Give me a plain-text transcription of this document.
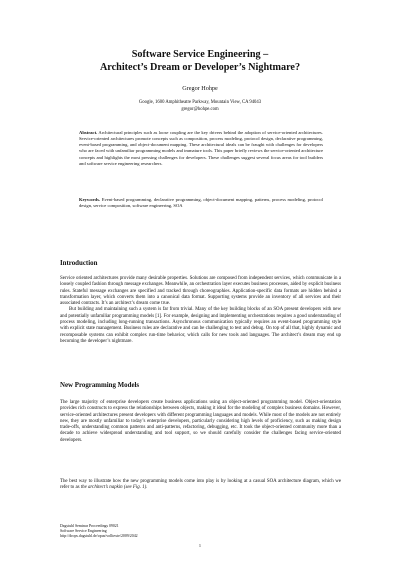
Software Service Engineering –
Architect’s Dream or Developer’s Nightmare?
Gregor Hohpe
Google, 1600 Amphitheatre Parkway, Mountain View, CA 94043
gregor@hohpe.com
Abstract. Architectural principles such as loose coupling are the key drivers behind the adoption of service-oriented architectures. Service-oriented architectures promote concepts such as composition, process modeling, protocol design, declarative programming, event-based programming, and object-document mapping. These architectural ideals can be fraught with challenges for developers who are faced with unfamiliar programming models and immature tools. This paper briefly reviews the service-oriented architecture concepts and highlights the most pressing challenges for developers. These challenges suggest several focus areas for tool builders and software service engineering researchers.
Keywords. Event-based programming, declarative programming, object-document mapping, patterns, process modeling, protocol design, service composition, software engineering, SOA
Introduction

Service oriented architectures provide many desirable properties. Solutions are composed from independent services, which communicate in a loosely coupled fashion through message exchanges. Meanwhile, an orchestration layer executes business processes, aided by explicit business rules. Stateful message exchanges are specified and tracked through choreographies. Application-specific data formats are hidden behind a transformation layer, which converts them into a canonical data format. Supporting systems provide an inventory of all services and their associated contracts. It’s an architect’s dream come true.

But building and maintaining such a system is far from trivial. Many of the key building blocks of an SOA present developers with new and potentially unfamiliar programming models [1]. For example, designing and implementing orchestrations requires a good understanding of process modeling, including long-running transactions. Asynchronous communication typically requires an event-based programming style with explicit state management. Business rules are declarative and can be challenging to test and debug. On top of all that, highly dynamic and recomposable systems can exhibit complex run-time behavior, which calls for new tools and languages. The architect’s dream may end up becoming the developer’s nightmare.

New Programming Models

The large majority of enterprise developers create business applications using an object-oriented programming model. Object-orientation provides rich constructs to express the relationships between objects, making it ideal for the modeling of complex business domains. However, service-oriented architectures present developers with different programming languages and models. While most of the models are not entirely new, they are mostly unfamiliar to today’s enterprise developers, particularly considering high levels of proficiency, such as making design trade-offs, understanding common patterns and anti-patterns, refactoring, debugging, etc. It took the object-oriented community more than a decade to achieve widespread understanding and tool support, so we should carefully consider the challenges facing service-oriented developers.

The best way to illustrate how the new programming models come into play is by looking at a casual SOA architecture diagram, which we refer to as the architect’s napkin (see Fig. 1).

Dagstuhl Seminar Proceedings 09021
Software Service Engineering
http://drops.dagstuhl.de/opus/volltexte/2009/2042
1
